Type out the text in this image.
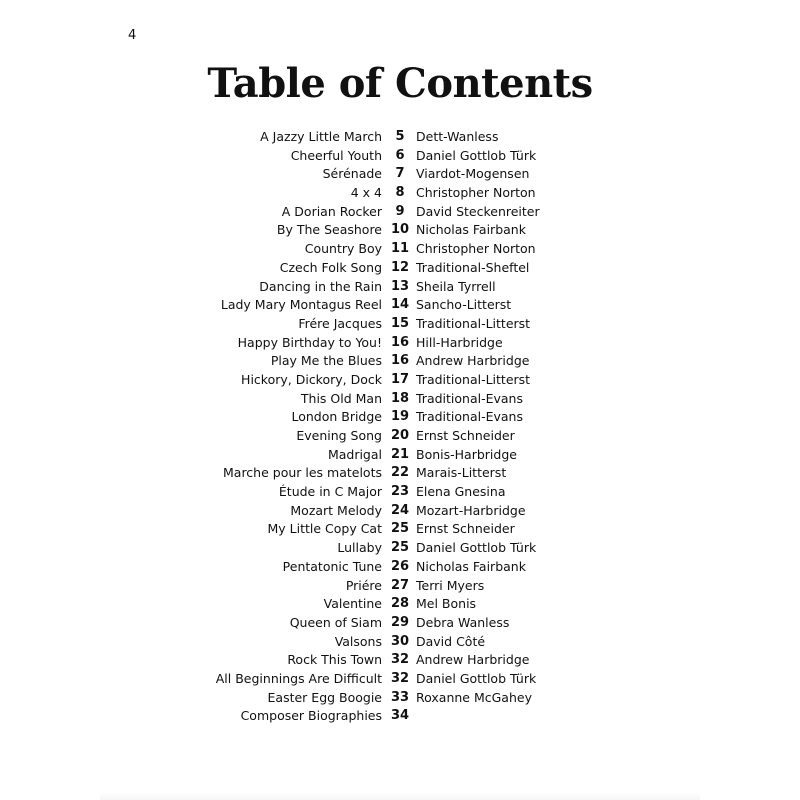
4
Table of Contents
A Jazzy Little March	5 Dett-Wanless
Cheerful Youth	6 Daniel Gottlob Türk
Sérénade	7 Viardot-Mogensen
4 x 4	8 Christopher Norton
A Dorian Rocker	9 David Steckenreiter
By The Seashore 10 Nicholas Fairbank
Country Boy 11 Christopher Norton
Czech Folk Song 12 Traditional-Sheftel
Dancing in the Rain 13 Sheila Tyrrell
Lady Mary Montagus Reel 14 Sancho-Litterst
Frére Jacques 15 Traditional-Litterst
Happy Birthday to You! 16 Hill-Harbridge
Play Me the Blues 16 Andrew Harbridge
Hickory, Dickory, Dock 17 Traditional-Litterst
This Old Man 18 Traditional-Evans
London Bridge 19 Traditional-Evans
Evening Song 20 Ernst Schneider
Madrigal 21 Bonis-Harbridge
Marche pour les matelots 22 Marais-Litterst
Étude in C Major 23 Elena Gnesina
Mozart Melody 24 Mozart-Harbridge
My Little Copy Cat 25 Ernst Schneider
Lullaby 25 Daniel Gottlob Türk
Pentatonic Tune 26 Nicholas Fairbank
Priére 27 Terri Myers
Valentine 28 Mel Bonis
Queen of Siam 29 Debra Wanless
Valsons 30 David Côté
Rock This Town 32 Andrew Harbridge
All Beginnings Are Difficult 32 Daniel Gottlob Türk
Easter Egg Boogie 33 Roxanne McGahey
Composer Biographies 34
